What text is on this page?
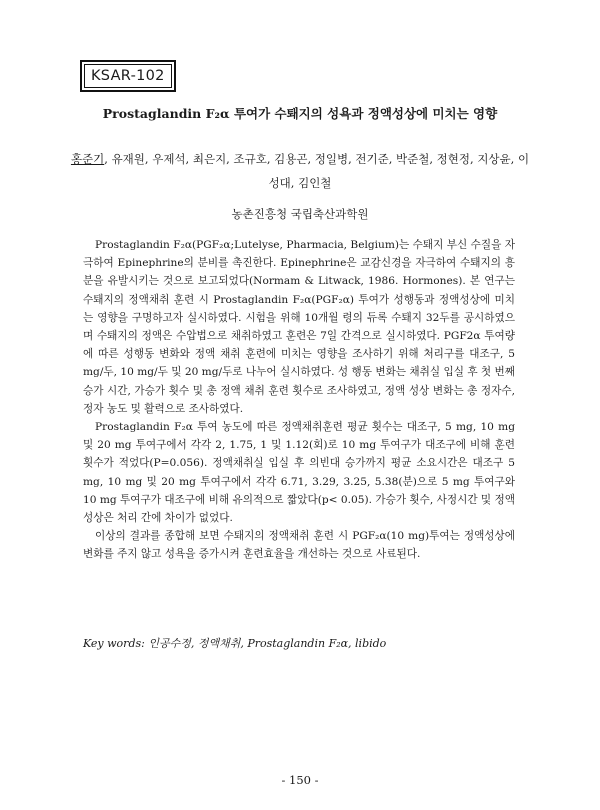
KSAR-102
Prostaglandin F₂α 투여가 수퇘지의 성욕과 정액성상에 미치는 영향
홍준기, 유재원, 우제석, 최은지, 조규호, 김용곤, 정일병, 전기준, 박준철, 정현정, 지상윤, 이성대, 김인철
농촌진흥청 국립축산과학원

Prostaglandin F₂α(PGF₂α;Lutelyse, Pharmacia, Belgium)는 수퇘지 부신 수질을 자극하여 Epinephrine의 분비를 촉진한다. Epinephrine은 교감신경을 자극하여 수퇘지의 흥분을 유발시키는 것으로 보고되었다(Normam & Litwack, 1986. Hormones). 본 연구는 수퇘지의 정액채취 훈련 시 Prostaglandin F₂α(PGF₂α) 투여가 성행동과 정액성상에 미치는 영향을 구명하고자 실시하였다. 시험을 위해 10개월 령의 듀록 수퇘지 32두를 공시하였으며 수퇘지의 정액은 수압법으로 채취하였고 훈련은 7일 간격으로 실시하였다. PGF2α 투여량에 따른 성행동 변화와 정액 채취 훈련에 미치는 영향을 조사하기 위해 처리구를 대조구, 5 mg/두, 10 mg/두 및 20 mg/두로 나누어 실시하였다. 성 행동 변화는 채취실 입실 후 첫 번째 승가 시간, 가승가 횟수 및 총 정액 채취 훈련 횟수로 조사하였고, 정액 성상 변화는 총 정자수, 정자 농도 및 활력으로 조사하였다.

Prostaglandin F₂α 투여 농도에 따른 정액채취훈련 평균 횟수는 대조구, 5 mg, 10 mg 및 20 mg 투여구에서 각각 2, 1.75, 1 및 1.12(회)로 10 mg 투여구가 대조구에 비해 훈련횟수가 적었다(P=0.056). 정액채취실 입실 후 의빈대 승가까지 평균 소요시간은 대조구 5 mg, 10 mg 및 20 mg 투여구에서 각각 6.71, 3.29, 3.25, 5.38(분)으로 5 mg 투여구와 10 mg 투여구가 대조구에 비해 유의적으로 짧았다(p< 0.05). 가승가 횟수, 사정시간 및 정액성상은 처리 간에 차이가 없었다.

이상의 결과를 종합해 보면 수퇘지의 정액채취 훈련 시 PGF₂α(10 mg)투여는 정액성상에 변화를 주지 않고 성욕을 증가시켜 훈련효율을 개선하는 것으로 사료된다.

Key words: 인공수정, 정액채취, Prostaglandin F₂α, libido
- 150 -
